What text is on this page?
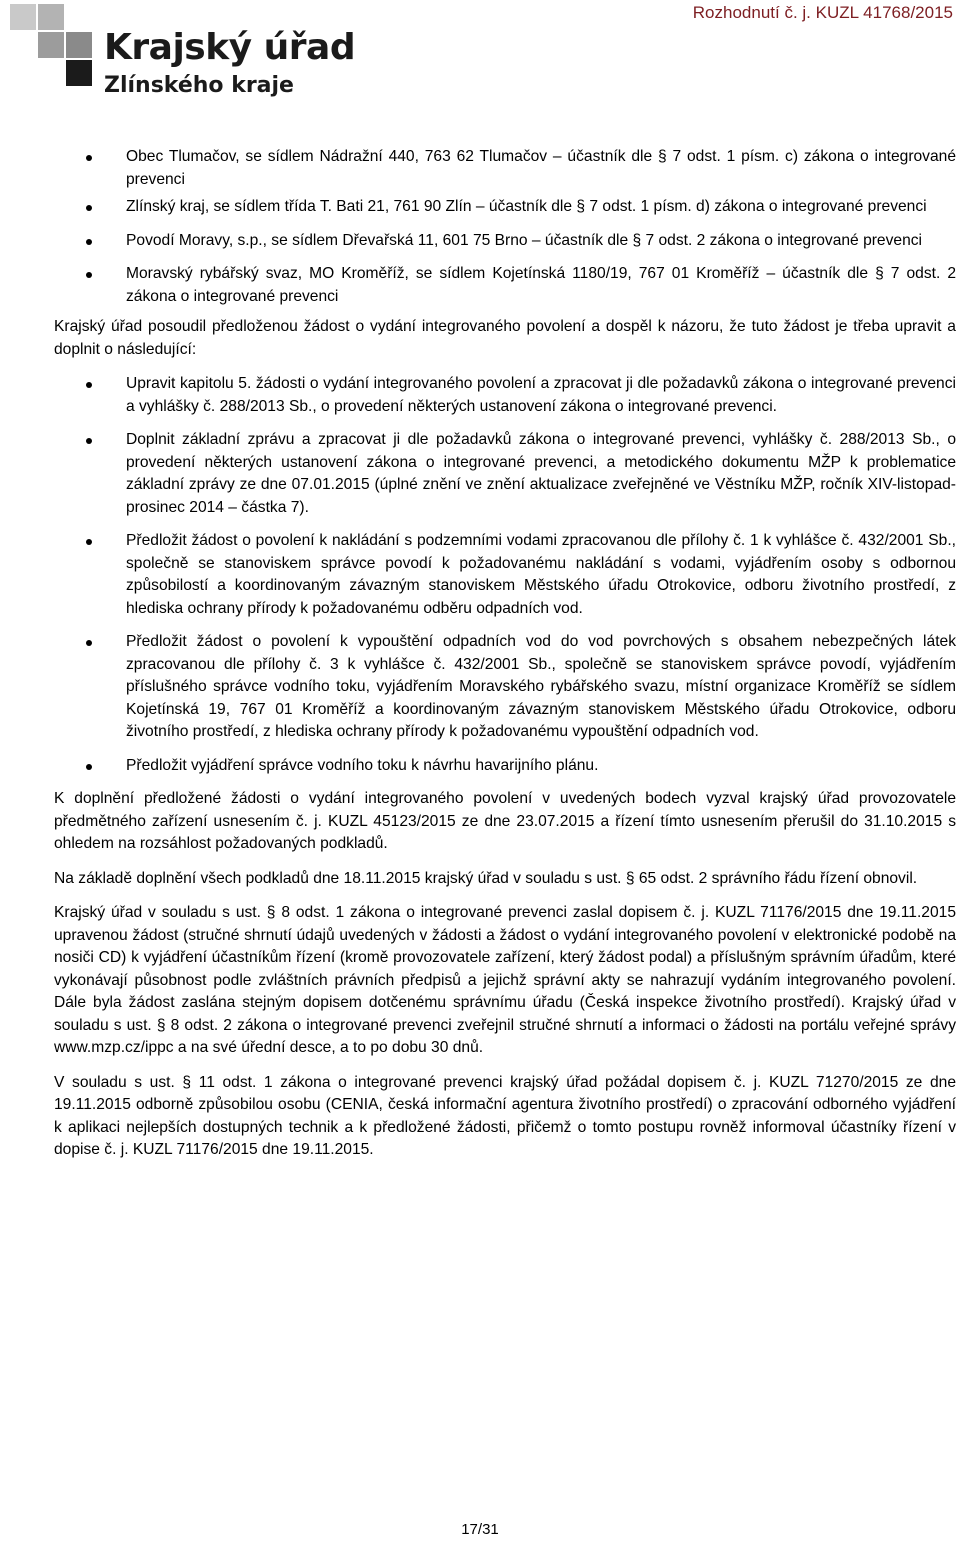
Krajský úřad
Zlínského kraje
Rozhodnutí č. j. KUZL 41768/2015
Obec Tlumačov, se sídlem Nádražní 440, 763 62 Tlumačov – účastník dle § 7 odst. 1 písm. c) zákona o integrované prevenci
Zlínský kraj, se sídlem třída T. Bati 21, 761 90 Zlín – účastník dle § 7 odst. 1 písm. d) zákona o integrované prevenci
Povodí Moravy, s.p., se sídlem Dřevařská 11, 601 75 Brno – účastník dle § 7 odst. 2 zákona o integrované prevenci
Moravský rybářský svaz, MO Kroměříž, se sídlem Kojetínská 1180/19, 767 01 Kroměříž – účastník dle § 7 odst. 2 zákona o integrované prevenci

Krajský úřad posoudil předloženou žádost o vydání integrovaného povolení a dospěl k názoru, že tuto žádost je třeba upravit a doplnit o následující:

Upravit kapitolu 5. žádosti o vydání integrovaného povolení a zpracovat ji dle požadavků zákona o integrované prevenci a vyhlášky č. 288/2013 Sb., o provedení některých ustanovení zákona o integrované prevenci.
Doplnit základní zprávu a zpracovat ji dle požadavků zákona o integrované prevenci, vyhlášky č. 288/2013 Sb., o provedení některých ustanovení zákona o integrované prevenci, a metodického dokumentu MŽP k problematice základní zprávy ze dne 07.01.2015 (úplné znění ve znění aktualizace zveřejněné ve Věstníku MŽP, ročník XIV-listopad-prosinec 2014 – částka 7).
Předložit žádost o povolení k nakládání s podzemními vodami zpracovanou dle přílohy č. 1 k vyhlášce č. 432/2001 Sb., společně se stanoviskem správce povodí k požadovanému nakládání s vodami, vyjádřením osoby s odbornou způsobilostí a koordinovaným závazným stanoviskem Městského úřadu Otrokovice, odboru životního prostředí, z hlediska ochrany přírody k požadovanému odběru odpadních vod.
Předložit žádost o povolení k vypouštění odpadních vod do vod povrchových s obsahem nebezpečných látek zpracovanou dle přílohy č. 3 k vyhlášce č. 432/2001 Sb., společně se stanoviskem správce povodí, vyjádřením příslušného správce vodního toku, vyjádřením Moravského rybářského svazu, místní organizace Kroměříž se sídlem Kojetínská 19, 767 01 Kroměříž a koordinovaným závazným stanoviskem Městského úřadu Otrokovice, odboru životního prostředí, z hlediska ochrany přírody k požadovanému vypouštění odpadních vod.
Předložit vyjádření správce vodního toku k návrhu havarijního plánu.

K doplnění předložené žádosti o vydání integrovaného povolení v uvedených bodech vyzval krajský úřad provozovatele předmětného zařízení usnesením č. j. KUZL 45123/2015 ze dne 23.07.2015 a řízení tímto usnesením přerušil do 31.10.2015 s ohledem na rozsáhlost požadovaných podkladů.

Na základě doplnění všech podkladů dne 18.11.2015 krajský úřad v souladu s ust. § 65 odst. 2 správního řádu řízení obnovil.

Krajský úřad v souladu s ust. § 8 odst. 1 zákona o integrované prevenci zaslal dopisem č. j. KUZL 71176/2015 dne 19.11.2015 upravenou žádost (stručné shrnutí údajů uvedených v žádosti a žádost o vydání integrovaného povolení v elektronické podobě na nosiči CD) k vyjádření účastníkům řízení (kromě provozovatele zařízení, který žádost podal) a příslušným správním úřadům, které vykonávají působnost podle zvláštních právních předpisů a jejichž správní akty se nahrazují vydáním integrovaného povolení. Dále byla žádost zaslána stejným dopisem dotčenému správnímu úřadu (Česká inspekce životního prostředí). Krajský úřad v souladu s ust. § 8 odst. 2 zákona o integrované prevenci zveřejnil stručné shrnutí a informaci o žádosti na portálu veřejné správy www.mzp.cz/ippc a na své úřední desce, a to po dobu 30 dnů.

V souladu s ust. § 11 odst. 1 zákona o integrované prevenci krajský úřad požádal dopisem č. j. KUZL 71270/2015 ze dne 19.11.2015 odborně způsobilou osobu (CENIA, česká informační agentura životního prostředí) o zpracování odborného vyjádření k aplikaci nejlepších dostupných technik a k předložené žádosti, přičemž o tomto postupu rovněž informoval účastníky řízení v dopise č. j. KUZL 71176/2015 dne 19.11.2015.

17/31
